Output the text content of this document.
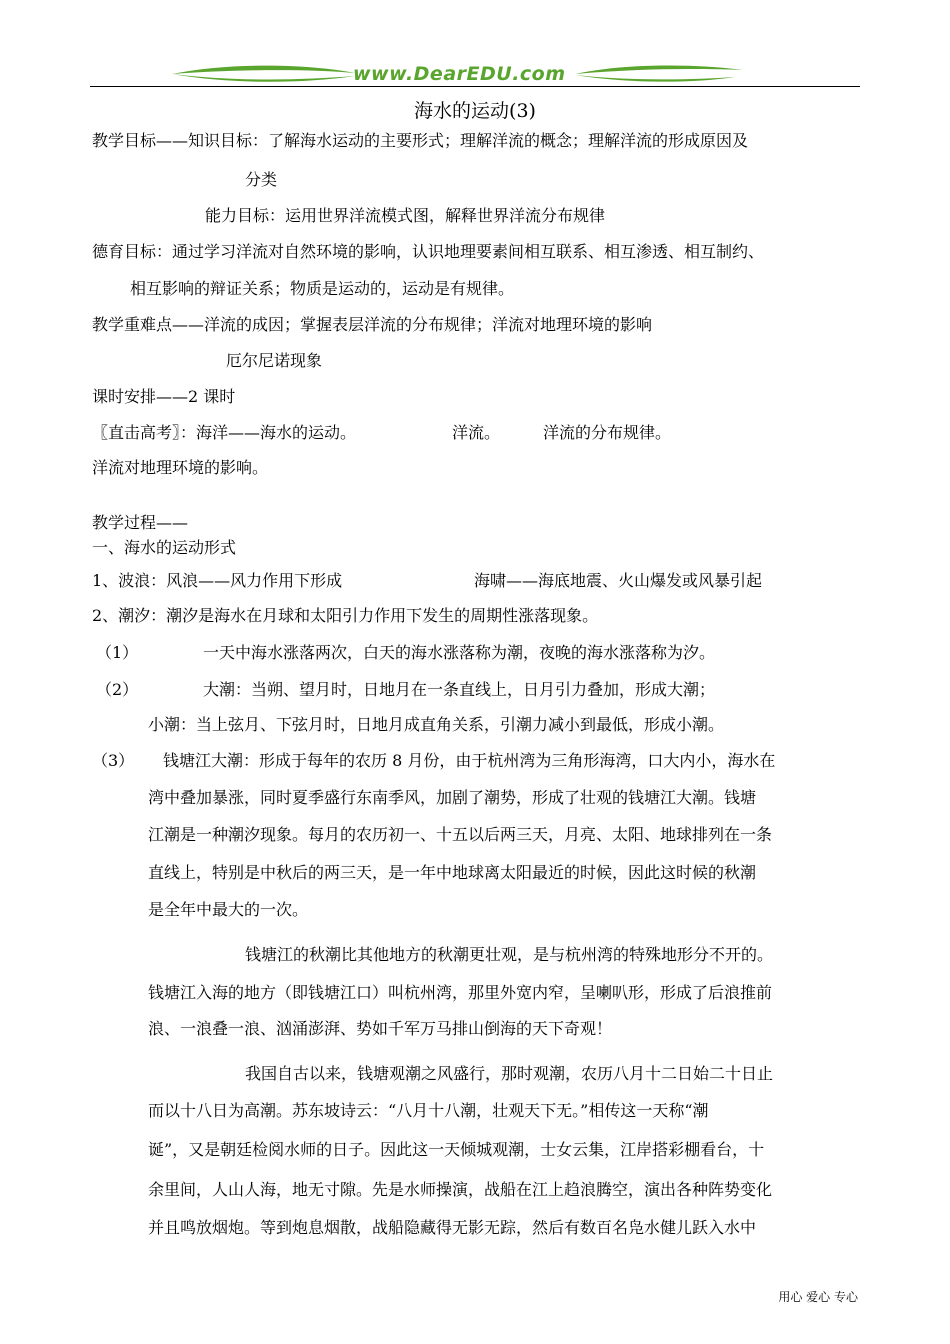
www.DearEDU.com
海水的运动(3)
教学目标——知识目标：了解海水运动的主要形式；理解洋流的概念；理解洋流的形成原因及
分类
能力目标：运用世界洋流模式图，解释世界洋流分布规律
德育目标：通过学习洋流对自然环境的影响，认识地理要素间相互联系、相互渗透、相互制约、
相互影响的辩证关系；物质是运动的，运动是有规律。
教学重难点——洋流的成因；掌握表层洋流的分布规律；洋流对地理环境的影响
厄尔尼诺现象
课时安排——2 课时
〖直击高考〗：海洋——海水的运动。	洋流。	洋流的分布规律。
洋流对地理环境的影响。
教学过程——
一、海水的运动形式
1、波浪：风浪——风力作用下形成	海啸——海底地震、火山爆发或风暴引起
2、潮汐：潮汐是海水在月球和太阳引力作用下发生的周期性涨落现象。
（1）	一天中海水涨落两次，白天的海水涨落称为潮，夜晚的海水涨落称为汐。
（2）	大潮：当朔、望月时，日地月在一条直线上，日月引力叠加，形成大潮；
小潮：当上弦月、下弦月时，日地月成直角关系，引潮力减小到最低，形成小潮。
（3） 钱塘江大潮：形成于每年的农历 8 月份，由于杭州湾为三角形海湾，口大内小，海水在
湾中叠加暴涨，同时夏季盛行东南季风，加剧了潮势，形成了壮观的钱塘江大潮。钱塘
江潮是一种潮汐现象。每月的农历初一、十五以后两三天，月亮、太阳、地球排列在一条
直线上，特别是中秋后的两三天，是一年中地球离太阳最近的时候，因此这时候的秋潮
是全年中最大的一次。
钱塘江的秋潮比其他地方的秋潮更壮观，是与杭州湾的特殊地形分不开的。
钱塘江入海的地方（即钱塘江口）叫杭州湾，那里外宽内窄，呈喇叭形，形成了后浪推前
浪、一浪叠一浪、汹涌澎湃、势如千军万马排山倒海的天下奇观！
我国自古以来，钱塘观潮之风盛行，那时观潮，农历八月十二日始二十日止
而以十八日为高潮。苏东坡诗云：“八月十八潮，壮观天下无。”相传这一天称“潮
诞”，又是朝廷检阅水师的日子。因此这一天倾城观潮，士女云集，江岸搭彩棚看台，十
余里间，人山人海，地无寸隙。先是水师操演，战船在江上趋浪腾空，演出各种阵势变化
并且鸣放烟炮。等到炮息烟散，战船隐藏得无影无踪，然后有数百名凫水健儿跃入水中
用心 爱心 专心
